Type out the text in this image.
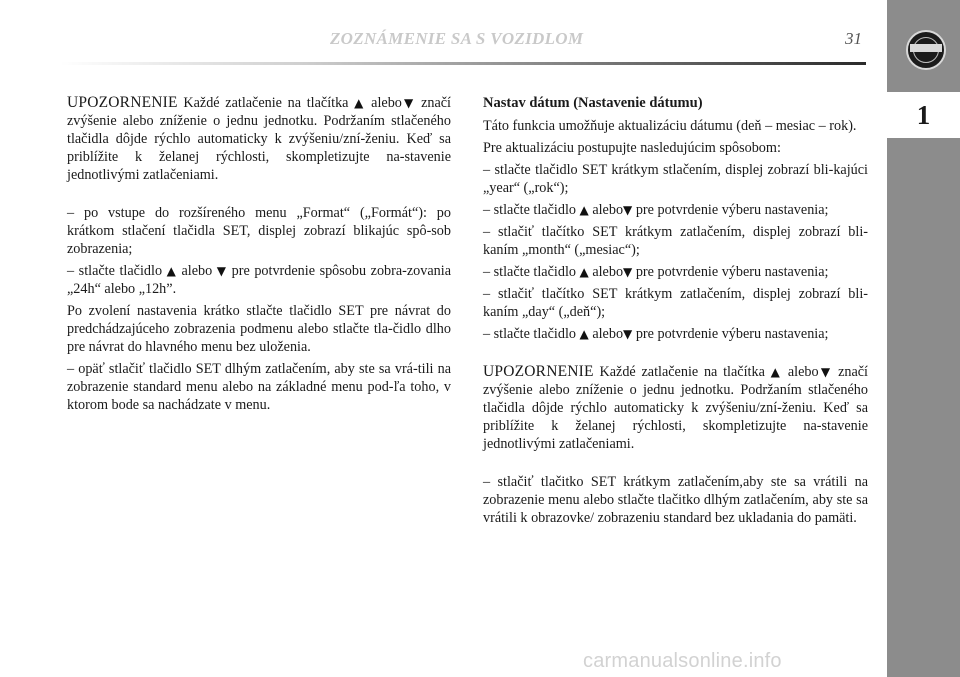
ZOZNÁMENIE SA S VOZIDLOM	31
1

UPOZORNENIE Každé zatlačenie na tlačítka ▲ alebo▼ značí zvýšenie alebo zníženie o jednu jednotku. Podržaním stlačeného tlačidla dôjde rýchlo automaticky k zvýšeniu/zní-ženiu. Keď sa priblížite k želanej rýchlosti, skompletizujte na-stavenie jednotlivými zatlačeniami.

– po vstupe do rozšíreného menu „Format“ („Formát“): po krátkom stlačení tlačidla SET, displej zobrazí blikajúc spô-sob zobrazenia;

– stlačte tlačidlo ▲ alebo ▼ pre potvrdenie spôsobu zobra-zovania „24h“ alebo „12h”.

Po zvolení nastavenia krátko stlačte tlačidlo SET pre návrat do predchádzajúceho zobrazenia podmenu alebo stlačte tla-čidlo dlho pre návrat do hlavného menu bez uloženia.

– opäť stlačiť tlačidlo SET dlhým zatlačením, aby ste sa vrá-tili na zobrazenie standard menu alebo na základné menu pod-ľa toho, v ktorom bode sa nachádzate v menu.

Nastav dátum (Nastavenie dátumu)

Táto funkcia umožňuje aktualizáciu dátumu (deň – mesiac – rok).

Pre aktualizáciu postupujte nasledujúcim spôsobom:

– stlačte tlačidlo SET krátkym stlačením, displej zobrazí bli-kajúci „year“ („rok“);

– stlačte tlačidlo ▲ alebo▼ pre potvrdenie výberu nastavenia;

– stlačiť tlačítko SET krátkym zatlačením, displej zobrazí bli-kaním „month“ („mesiac“);

– stlačte tlačidlo ▲ alebo▼ pre potvrdenie výberu nastavenia;

– stlačiť tlačítko SET krátkym zatlačením, displej zobrazí bli-kaním „day“ („deň“);

– stlačte tlačidlo ▲ alebo▼ pre potvrdenie výberu nastavenia;

UPOZORNENIE Každé zatlačenie na tlačítka ▲ alebo▼ značí zvýšenie alebo zníženie o jednu jednotku. Podržaním stlačeného tlačidla dôjde rýchlo automaticky k zvýšeniu/zní-ženiu. Keď sa priblížite k želanej rýchlosti, skompletizujte na-stavenie jednotlivými zatlačeniami.

– stlačiť tlačitko SET krátkym zatlačením,aby ste sa vrátili na zobrazenie menu alebo stlačte tlačitko dlhým zatlačením, aby ste sa vrátili k obrazovke/ zobrazeniu standard bez ukladania do pamäti.

carmanualsonline.info
